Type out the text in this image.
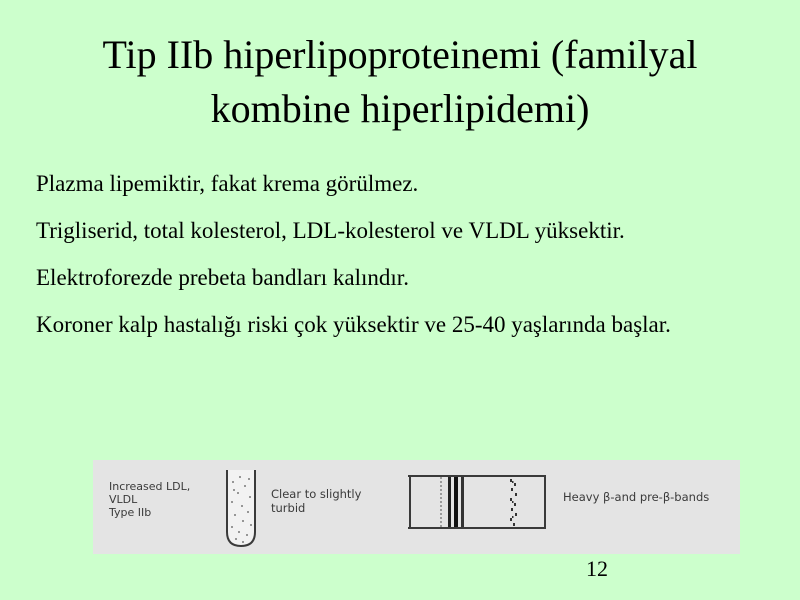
Tip IIb hiperlipoproteinemi (familyal
kombine hiperlipidemi)
Plazma lipemiktir, fakat krema görülmez.
Trigliserid, total kolesterol, LDL-kolesterol ve VLDL yüksektir.
Elektroforezde prebeta bandları kalındır.
Koroner kalp hastalığı riski çok yüksektir ve 25-40 yaşlarında başlar.
Increased LDL,
VLDL
Type IIb
Clear to slightly
turbid
Heavy β-and pre-β-bands
12
